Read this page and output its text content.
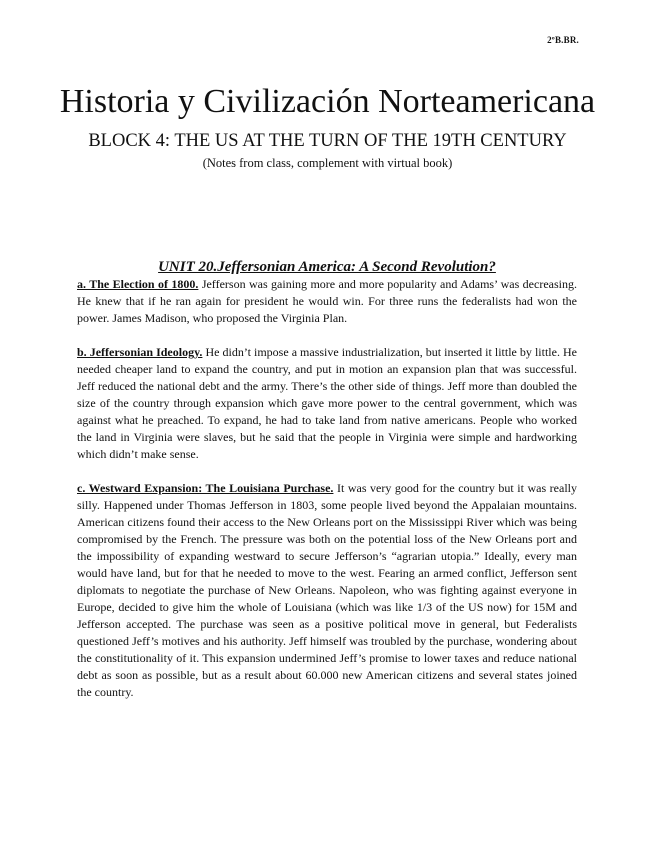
2ºB.BR.
Historia y Civilización Norteamericana
BLOCK 4: THE US AT THE TURN OF THE 19TH CENTURY

(Notes from class, complement with virtual book)

UNIT 20.Jeffersonian America: A Second Revolution?

a. The Election of 1800. Jefferson was gaining more and more popularity and Adams’ was decreasing. He knew that if he ran again for president he would win. For three runs the federalists had won the power. James Madison, who proposed the Virginia Plan.

b. Jeffersonian Ideology. He didn’t impose a massive industrialization, but inserted it little by little. He needed cheaper land to expand the country, and put in motion an expansion plan that was successful. Jeff reduced the national debt and the army. There’s the other side of things. Jeff more than doubled the size of the country through expansion which gave more power to the central government, which was against what he preached. To expand, he had to take land from native americans. People who worked the land in Virginia were slaves, but he said that the people in Virginia were simple and hardworking which didn’t make sense.

c. Westward Expansion: The Louisiana Purchase. It was very good for the country but it was really silly. Happened under Thomas Jefferson in 1803, some people lived beyond the Appalaian mountains. American citizens found their access to the New Orleans port on the Mississippi River which was being compromised by the French. The pressure was both on the potential loss of the New Orleans port and the impossibility of expanding westward to secure Jefferson’s “agrarian utopia.” Ideally, every man would have land, but for that he needed to move to the west. Fearing an armed conflict, Jefferson sent diplomats to negotiate the purchase of New Orleans. Napoleon, who was fighting against everyone in Europe, decided to give him the whole of Louisiana (which was like 1/3 of the US now) for 15M and Jefferson accepted. The purchase was seen as a positive political move in general, but Federalists questioned Jeff’s motives and his authority. Jeff himself was troubled by the purchase, wondering about the constitutionality of it. This expansion undermined Jeff’s promise to lower taxes and reduce national debt as soon as possible, but as a result about 60.000 new American citizens and several states joined the country.
